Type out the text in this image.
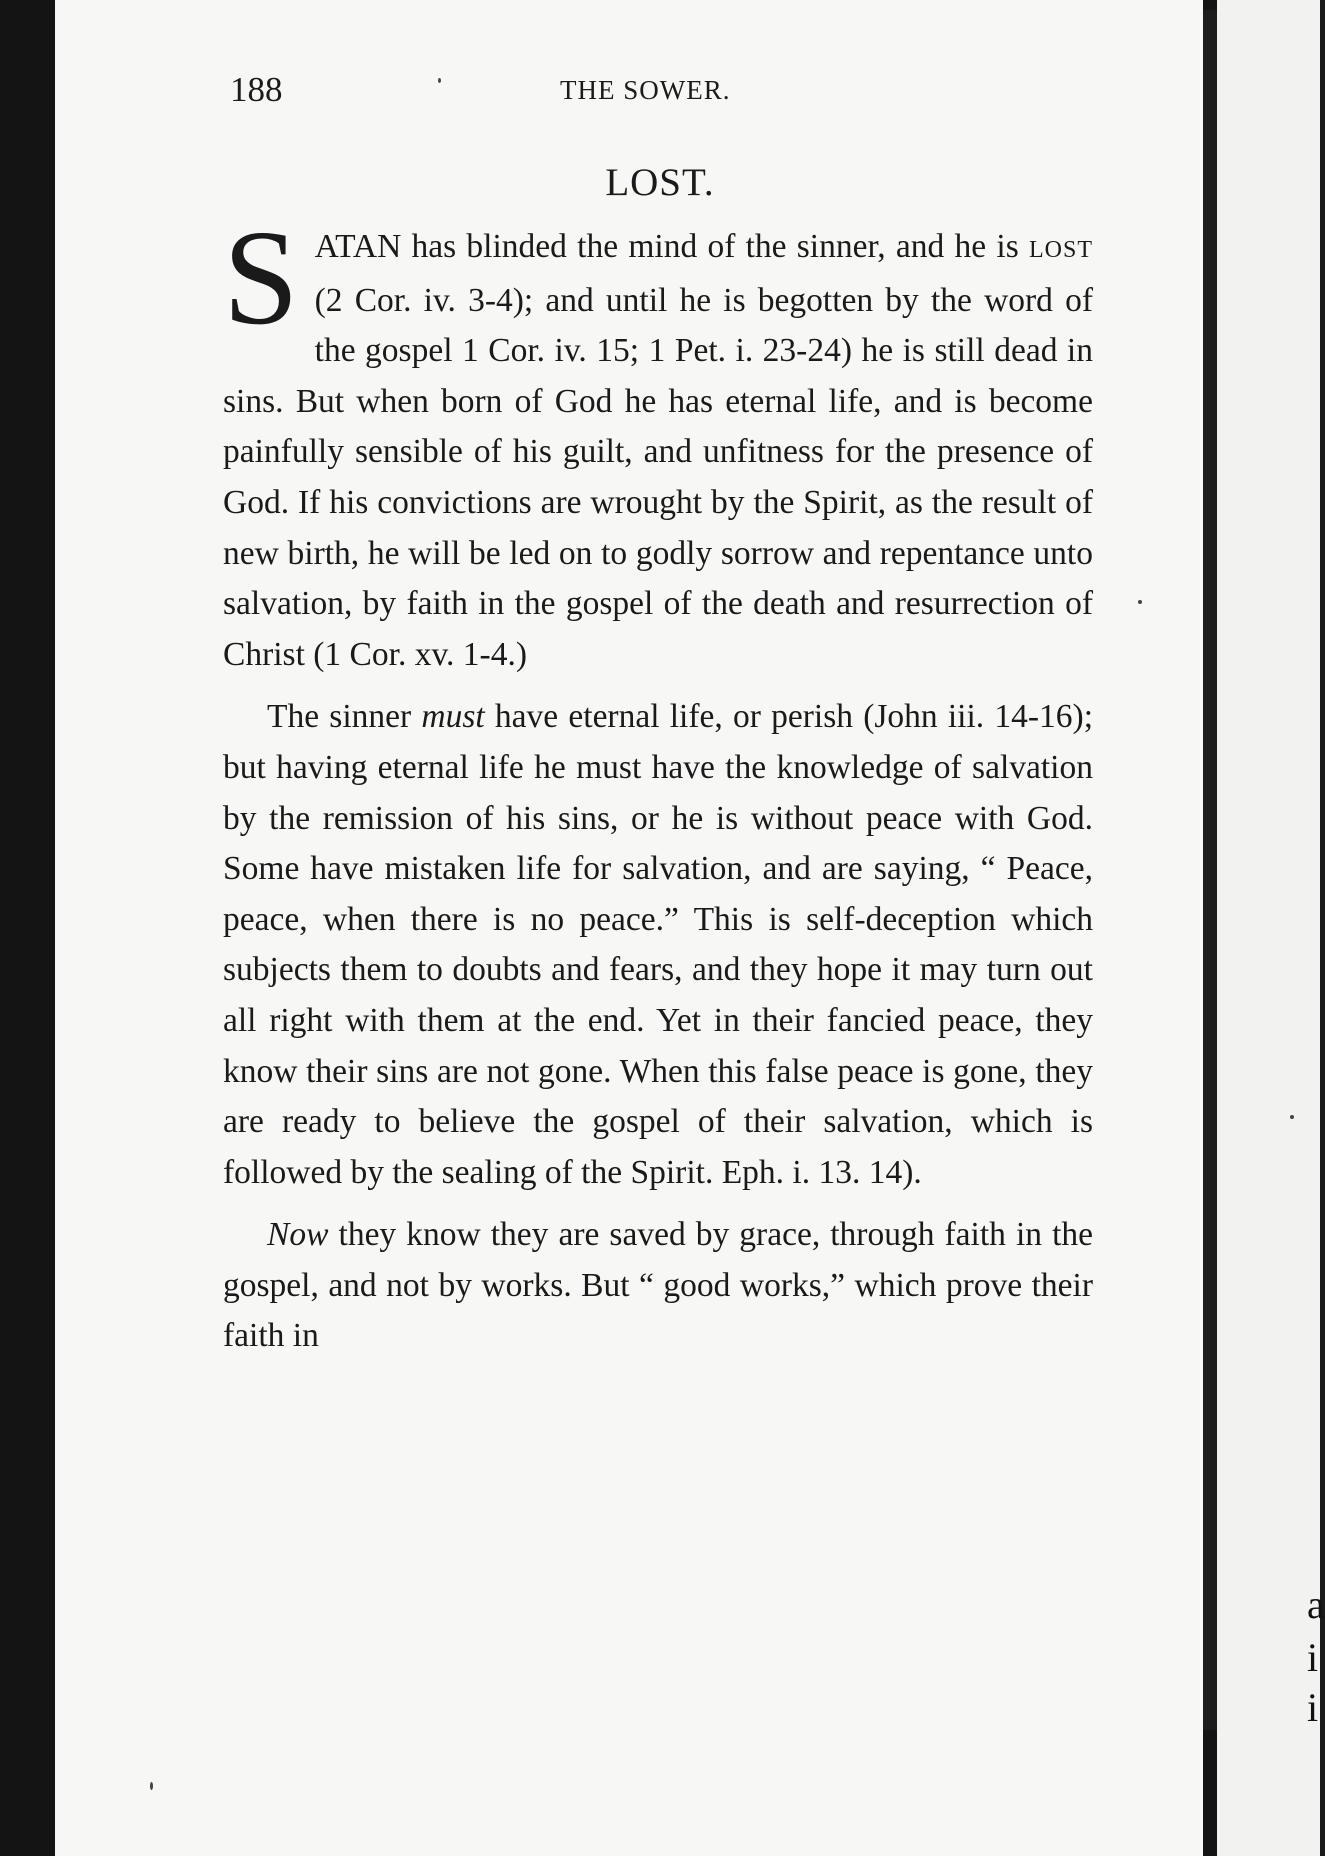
a
i
i
188	THE SOWER.
LOST.

SATAN has blinded the mind of the sinner, and he is LOST (2 Cor. iv. 3-4); and until he is begotten by the word of the gospel 1 Cor. iv. 15; 1 Pet. i. 23-24) he is still dead in sins. But when born of God he has eternal life, and is become painfully sensible of his guilt, and unfitness for the presence of God. If his convictions are wrought by the Spirit, as the result of new birth, he will be led on to godly sorrow and repentance unto salvation, by faith in the gospel of the death and resurrection of Christ (1 Cor. xv. 1-4.)

The sinner must have eternal life, or perish (John iii. 14-16); but having eternal life he must have the knowledge of salvation by the remission of his sins, or he is without peace with God. Some have mistaken life for salvation, and are saying, “ Peace, peace, when there is no peace.” This is self-deception which subjects them to doubts and fears, and they hope it may turn out all right with them at the end. Yet in their fancied peace, they know their sins are not gone. When this false peace is gone, they are ready to believe the gospel of their salvation, which is followed by the sealing of the Spirit. Eph. i. 13. 14).

Now they know they are saved by grace, through faith in the gospel, and not by works. But “ good works,” which prove their faith in
